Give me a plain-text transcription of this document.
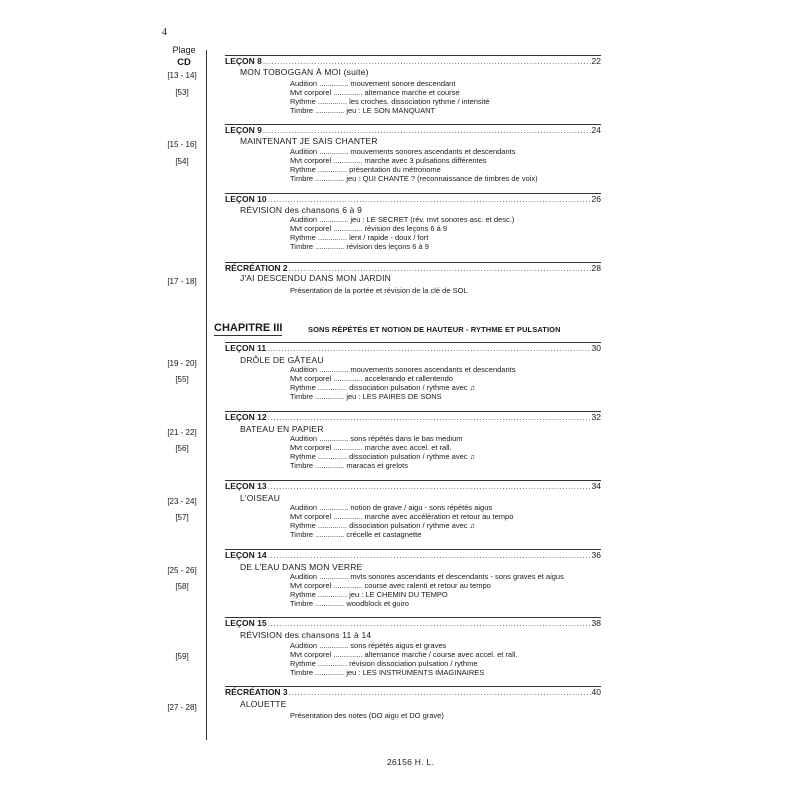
4
Plage
CD
CHAPITRE III	SONS RÉPÉTÉS ET NOTION DE HAUTEUR - RYTHME ET PULSATION
LEÇON 8 .....	22
MON TOBOGGAN À MOI (suite)
[13 - 14]
[53]
Audition .............. mouvement sonore descendant
Mvt corporel .............. alternance marche et course
Rythme .............. les croches. dissociation rythme / intensité
Timbre .............. jeu : LE SON MANQUANT
LEÇON 9 .....	24
MAINTENANT JE SAIS CHANTER
[15 - 16]
[54]
Audition .............. mouvements sonores ascendants et descendants
Mvt corporel .............. marche avec 3 pulsations différentes
Rythme .............. présentation du métronome
Timbre .............. jeu : QUI CHANTE ? (reconnaissance de timbres de voix)
LEÇON 10 .....	26
RÉVISION des chansons 6 à 9
Audition .............. jeu : LE SECRET (rév. mvt sonores asc. et desc.)
Mvt corporel .............. révision des leçons 6 à 9
Rythme .............. lent / rapide - doux / fort
Timbre .............. révision des leçons 6 à 9
RÉCRÉATION 2 .....	28
J'AI DESCENDU DANS MON JARDIN
[17 - 18]
Présentation de la portée et révision de la clé de SOL
LEÇON 11 .....	30
DRÔLE DE GÂTEAU
[19 - 20]
[55]
Audition .............. mouvements sonores ascendants et descendants
Mvt corporel .............. accelerando et rallentendo
Rythme .............. dissociation pulsation / rythme avec ♫
Timbre .............. jeu : LES PAIRES DE SONS
LEÇON 12 .....	32
BATEAU EN PAPIER
[21 - 22]
[56]
Audition .............. sons répétés dans le bas medium
Mvt corporel .............. marche avec accel. et rall.
Rythme .............. dissociation pulsation / rythme avec ♫
Timbre .............. maracas et grelots
LEÇON 13 .....	34
L'OISEAU
[23 - 24]
[57]
Audition .............. notion de grave / aigu - sons répétés aigus
Mvt corporel .............. marche avec accélération et retour au tempo
Rythme .............. dissociation pulsation / rythme avec ♫
Timbre .............. crécelle et castagnette
LEÇON 14 .....	36
DE L'EAU DANS MON VERRE
[25 - 26]
[58]
Audition .............. mvts sonores ascendants et descendants - sons graves et aigus
Mvt corporel .............. course avec ralenti et retour au tempo
Rythme .............. jeu : LE CHEMIN DU TEMPO
Timbre .............. woodblock et guiro
LEÇON 15 .....	38
RÉVISION des chansons 11 à 14
[59]
Audition .............. sons répétés aigus et graves
Mvt corporel .............. alternance marche / course avec accel. et rall.
Rythme .............. révision dissociation pulsation / rythme
Timbre .............. jeu : LES INSTRUMENTS IMAGINAIRES
RÉCRÉATION 3 .....	40
ALOUETTE
[27 - 28]
Présentation des notes (DO aigu et DO grave)
26156 H. L.
